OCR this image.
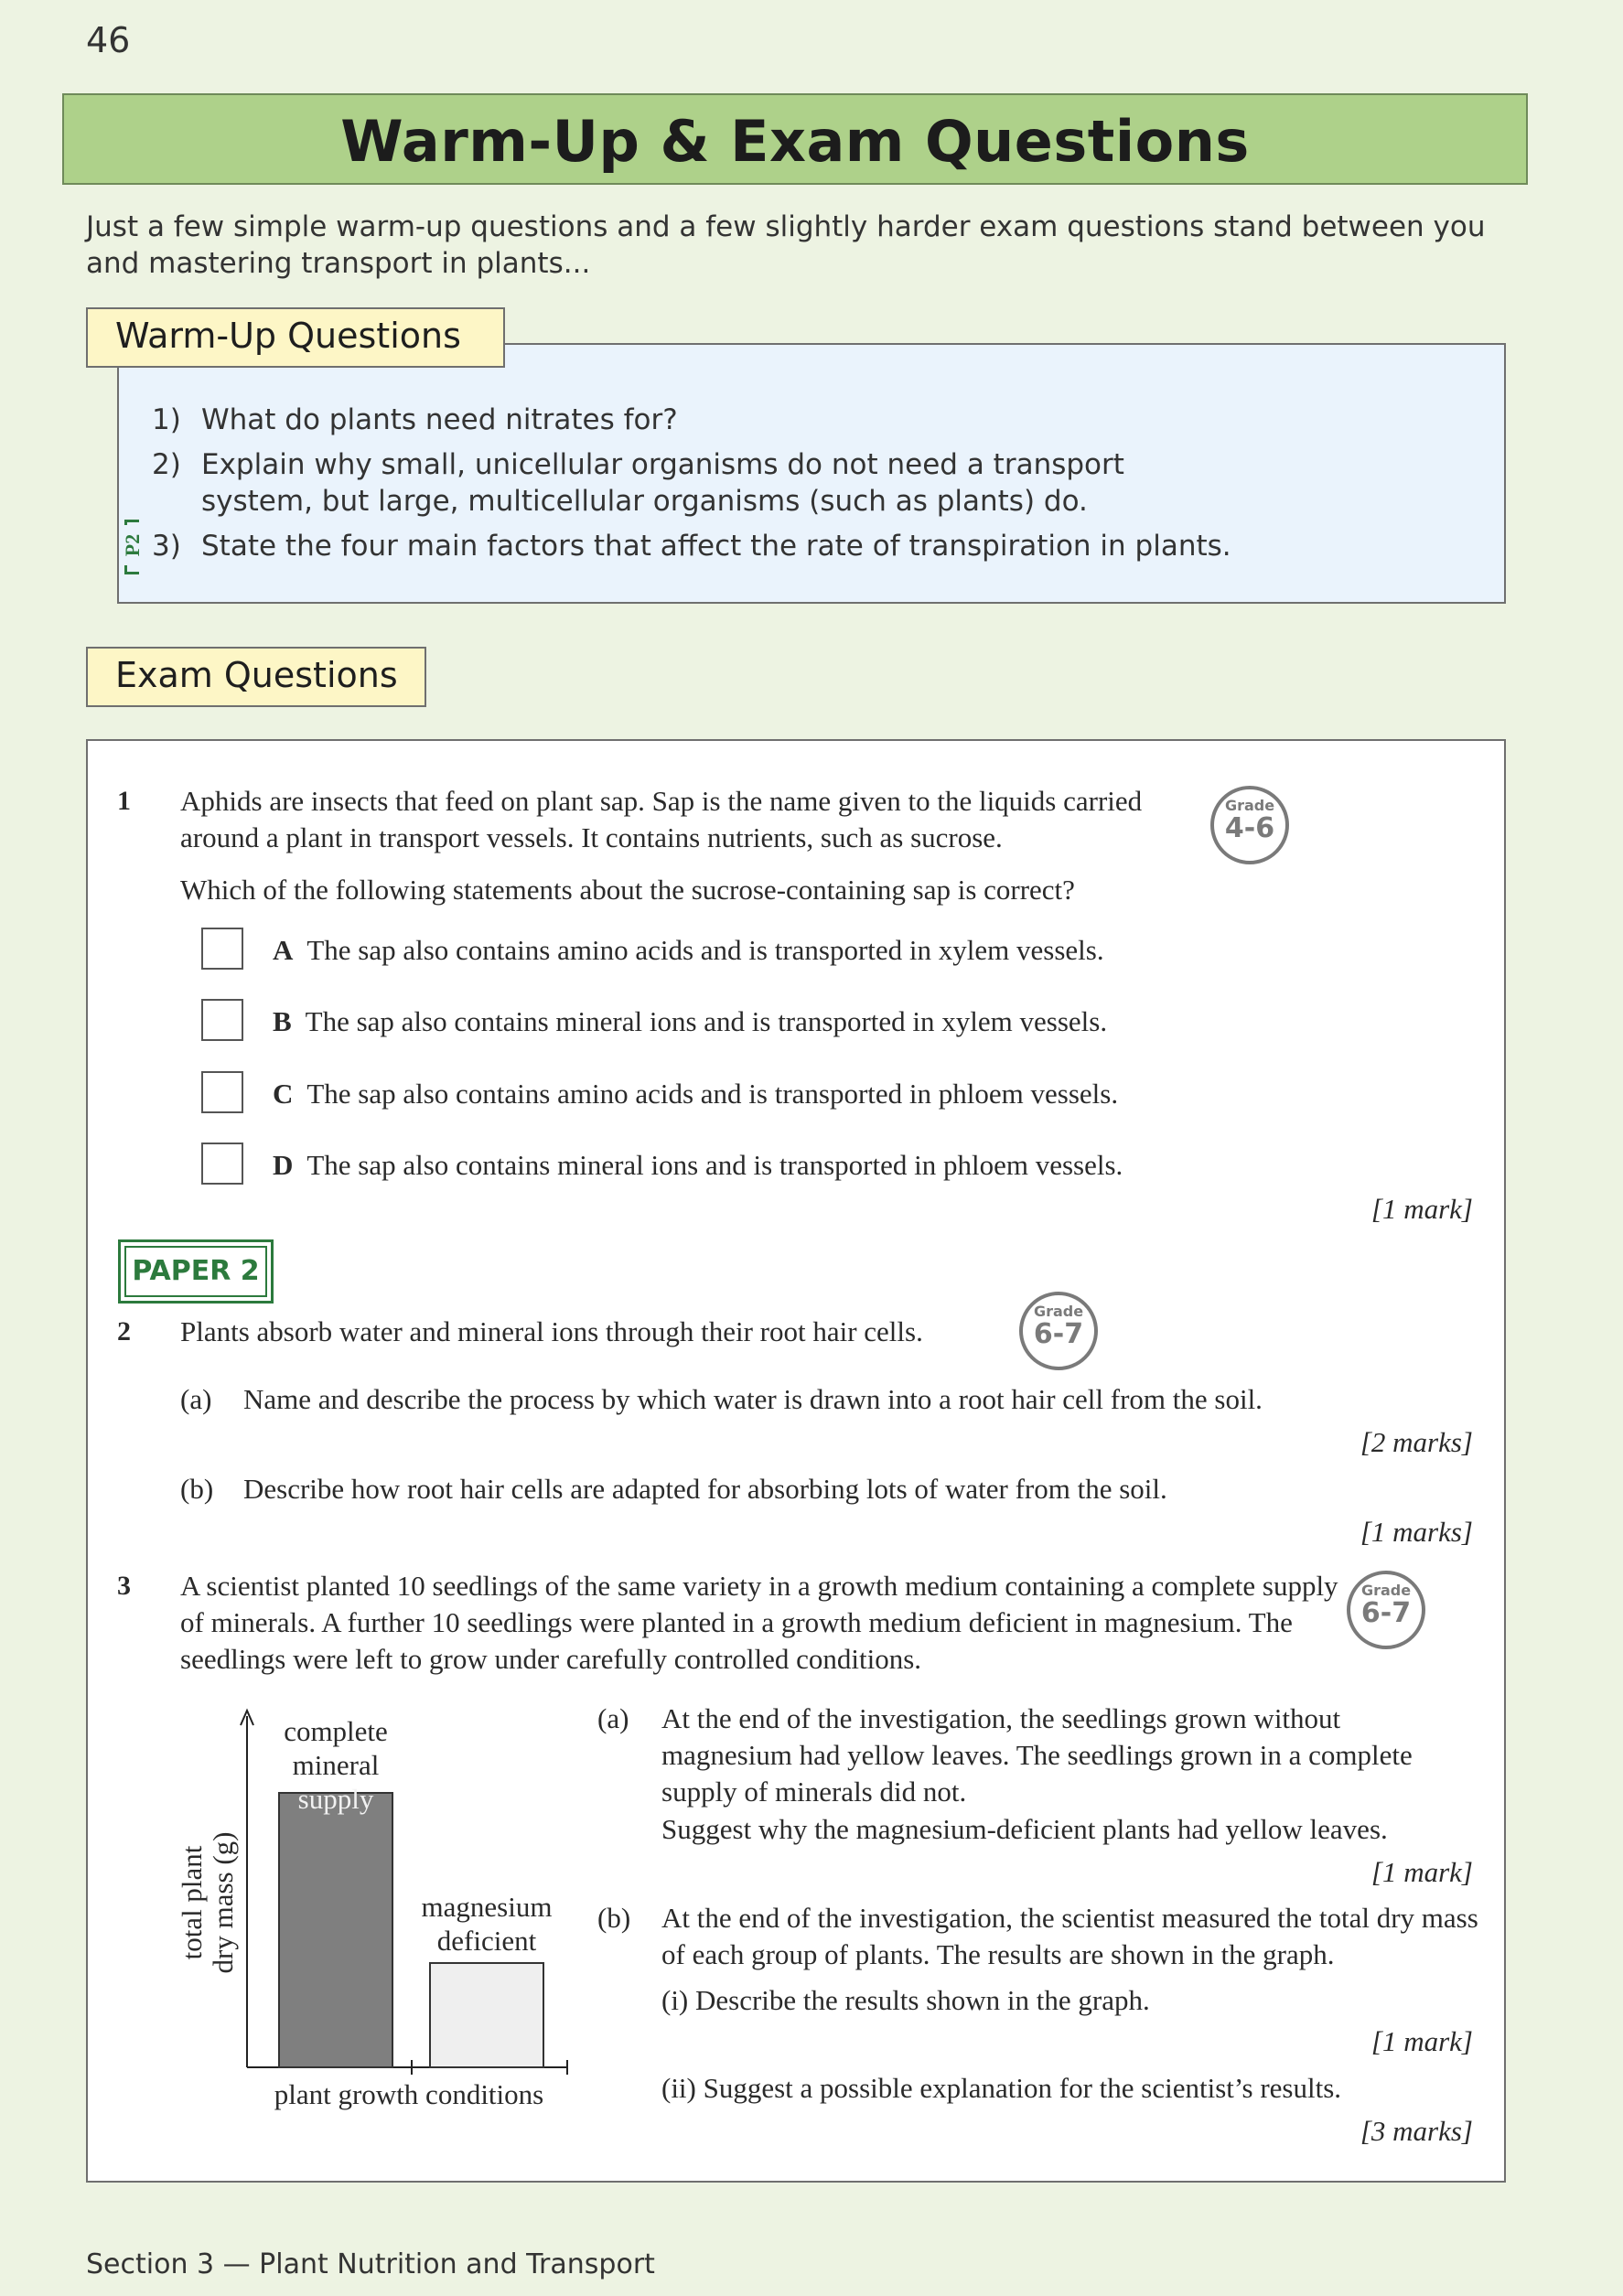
46
Warm-Up & Exam Questions
Just a few simple warm-up questions and a few slightly harder exam questions stand between you and mastering transport in plants...
1) What do plants need nitrates for?
2) Explain why small, unicellular organisms do not need a transport system, but large, multicellular organisms (such as plants) do.
3) State the four main factors that affect the rate of transpiration in plants.
P2
Warm-Up Questions
Exam Questions
1 Aphids are insects that feed on plant sap. Sap is the name given to the liquids carried around a plant in transport vessels. It contains nutrients, such as sucrose.
Grade
4-6
Which of the following statements about the sucrose-containing sap is correct?
A The sap also contains amino acids and is transported in xylem vessels.
B The sap also contains mineral ions and is transported in xylem vessels.
C The sap also contains amino acids and is transported in phloem vessels.
D The sap also contains mineral ions and is transported in phloem vessels.
[1 mark]
PAPER 2
2 Plants absorb water and mineral ions through their root hair cells.
Grade
6-7
(a) Name and describe the process by which water is drawn into a root hair cell from the soil.
[2 marks]
(b) Describe how root hair cells are adapted for absorbing lots of water from the soil.
[1 marks]
3 A scientist planted 10 seedlings of the same variety in a growth medium containing a complete supply of minerals. A further 10 seedlings were planted in a growth medium deficient in magnesium. The seedlings were left to grow under carefully controlled conditions.
Grade
6-7
complete
mineral
supply
magnesium
deficient
plant growth conditions
total plant dry mass (g)
(a) At the end of the investigation, the seedlings grown without magnesium had yellow leaves. The seedlings grown in a complete supply of minerals did not.
Suggest why the magnesium-deficient plants had yellow leaves.
[1 mark]
(b) At the end of the investigation, the scientist measured the total dry mass of each group of plants. The results are shown in the graph.
(i) Describe the results shown in the graph.
[1 mark]
(ii) Suggest a possible explanation for the scientist’s results.
[3 marks]
Section 3 — Plant Nutrition and Transport
